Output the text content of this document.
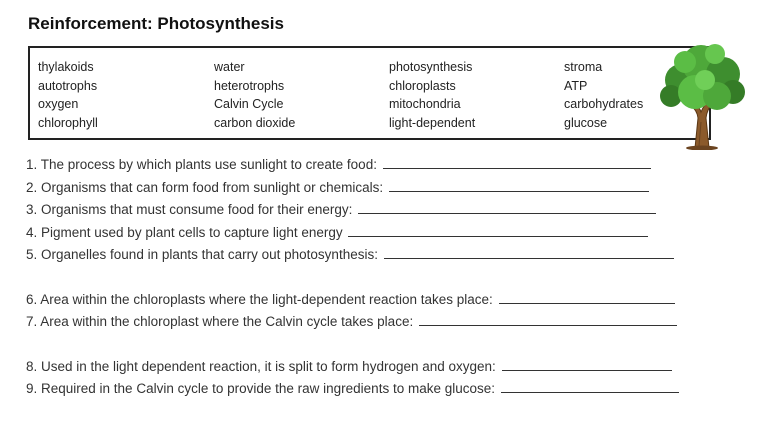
Reinforcement: Photosynthesis
thylakoids
autotrophs
oxygen
chlorophyll
water
heterotrophs
Calvin Cycle
carbon dioxide
photosynthesis
chloroplasts
mitochondria
light-dependent
stroma
ATP
carbohydrates
glucose
1. The process by which plants use sunlight to create food:
2. Organisms that can form food from sunlight or chemicals:
3. Organisms that must consume food for their energy:
4. Pigment used by plant cells to capture light energy
5. Organelles found in plants that carry out photosynthesis:
6. Area within the chloroplasts where the light-dependent reaction takes place:
7. Area within the chloroplast where the Calvin cycle takes place:
8. Used in the light dependent reaction, it is split to form hydrogen and oxygen:
9. Required in the Calvin cycle to provide the raw ingredients to make glucose:
